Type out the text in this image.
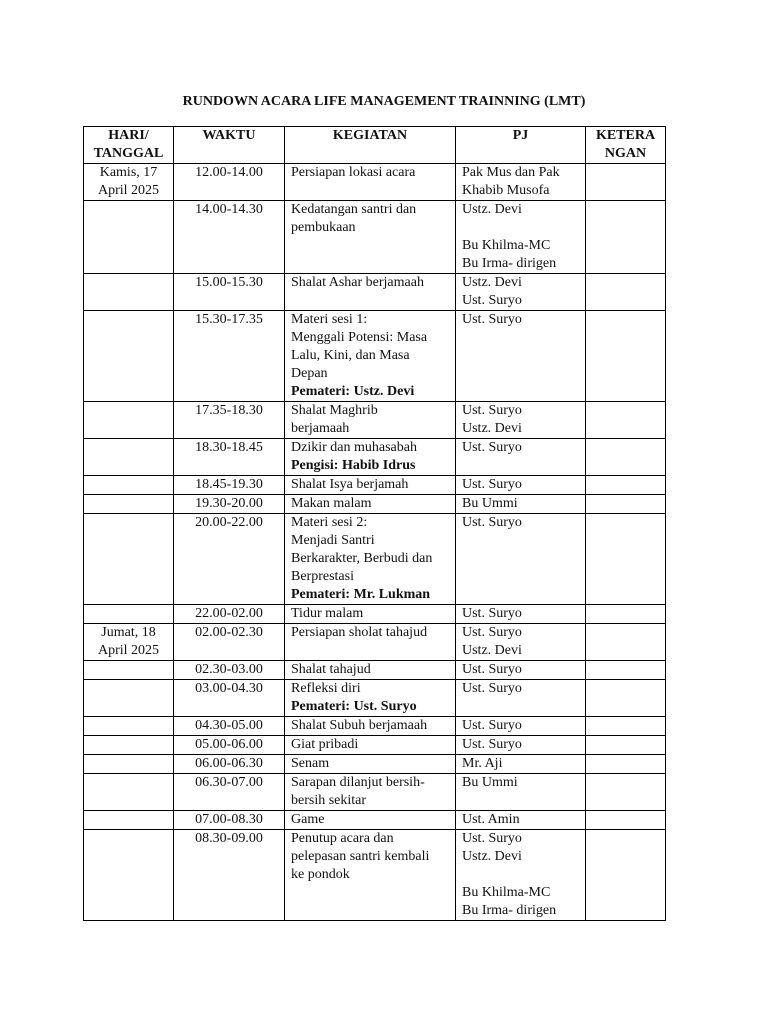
RUNDOWN ACARA LIFE MANAGEMENT TRAINNING (LMT)
HARI/
TANGGAL	WAKTU	KEGIATAN	PJ	KETERA
NGAN

Kamis, 17
April 2025	12.00-14.00	Persiapan lokasi acara	Pak Mus dan Pak
Khabib Musofa	

	14.00-14.30	Kedatangan santri dan
pembukaan	Ustz. Devi
Bu Khilma-MC
Bu Irma- dirigen	

	15.00-15.30	Shalat Ashar berjamaah	Ustz. Devi
Ust. Suryo	

	15.30-17.35	Materi sesi 1:
Menggali Potensi: Masa
Lalu, Kini, dan Masa
Depan
Pemateri: Ustz. Devi	Ust. Suryo	

	17.35-18.30	Shalat Maghrib
berjamaah	Ust. Suryo
Ustz. Devi	

	18.30-18.45	Dzikir dan muhasabah
Pengisi: Habib Idrus	Ust. Suryo	

	18.45-19.30	Shalat Isya berjamah	Ust. Suryo	

	19.30-20.00	Makan malam	Bu Ummi	

	20.00-22.00	Materi sesi 2:
Menjadi Santri
Berkarakter, Berbudi dan
Berprestasi
Pemateri: Mr. Lukman	Ust. Suryo	

	22.00-02.00	Tidur malam	Ust. Suryo	

Jumat, 18
April 2025	02.00-02.30	Persiapan sholat tahajud	Ust. Suryo
Ustz. Devi	

	02.30-03.00	Shalat tahajud	Ust. Suryo	

	03.00-04.30	Refleksi diri
Pemateri: Ust. Suryo	Ust. Suryo	

	04.30-05.00	Shalat Subuh berjamaah	Ust. Suryo	

	05.00-06.00	Giat pribadi	Ust. Suryo	

	06.00-06.30	Senam	Mr. Aji	

	06.30-07.00	Sarapan dilanjut bersih-
bersih sekitar	Bu Ummi	

	07.00-08.30	Game	Ust. Amin	

	08.30-09.00	Penutup acara dan
pelepasan santri kembali
ke pondok	Ust. Suryo
Ustz. Devi
Bu Khilma-MC
Bu Irma- dirigen	
